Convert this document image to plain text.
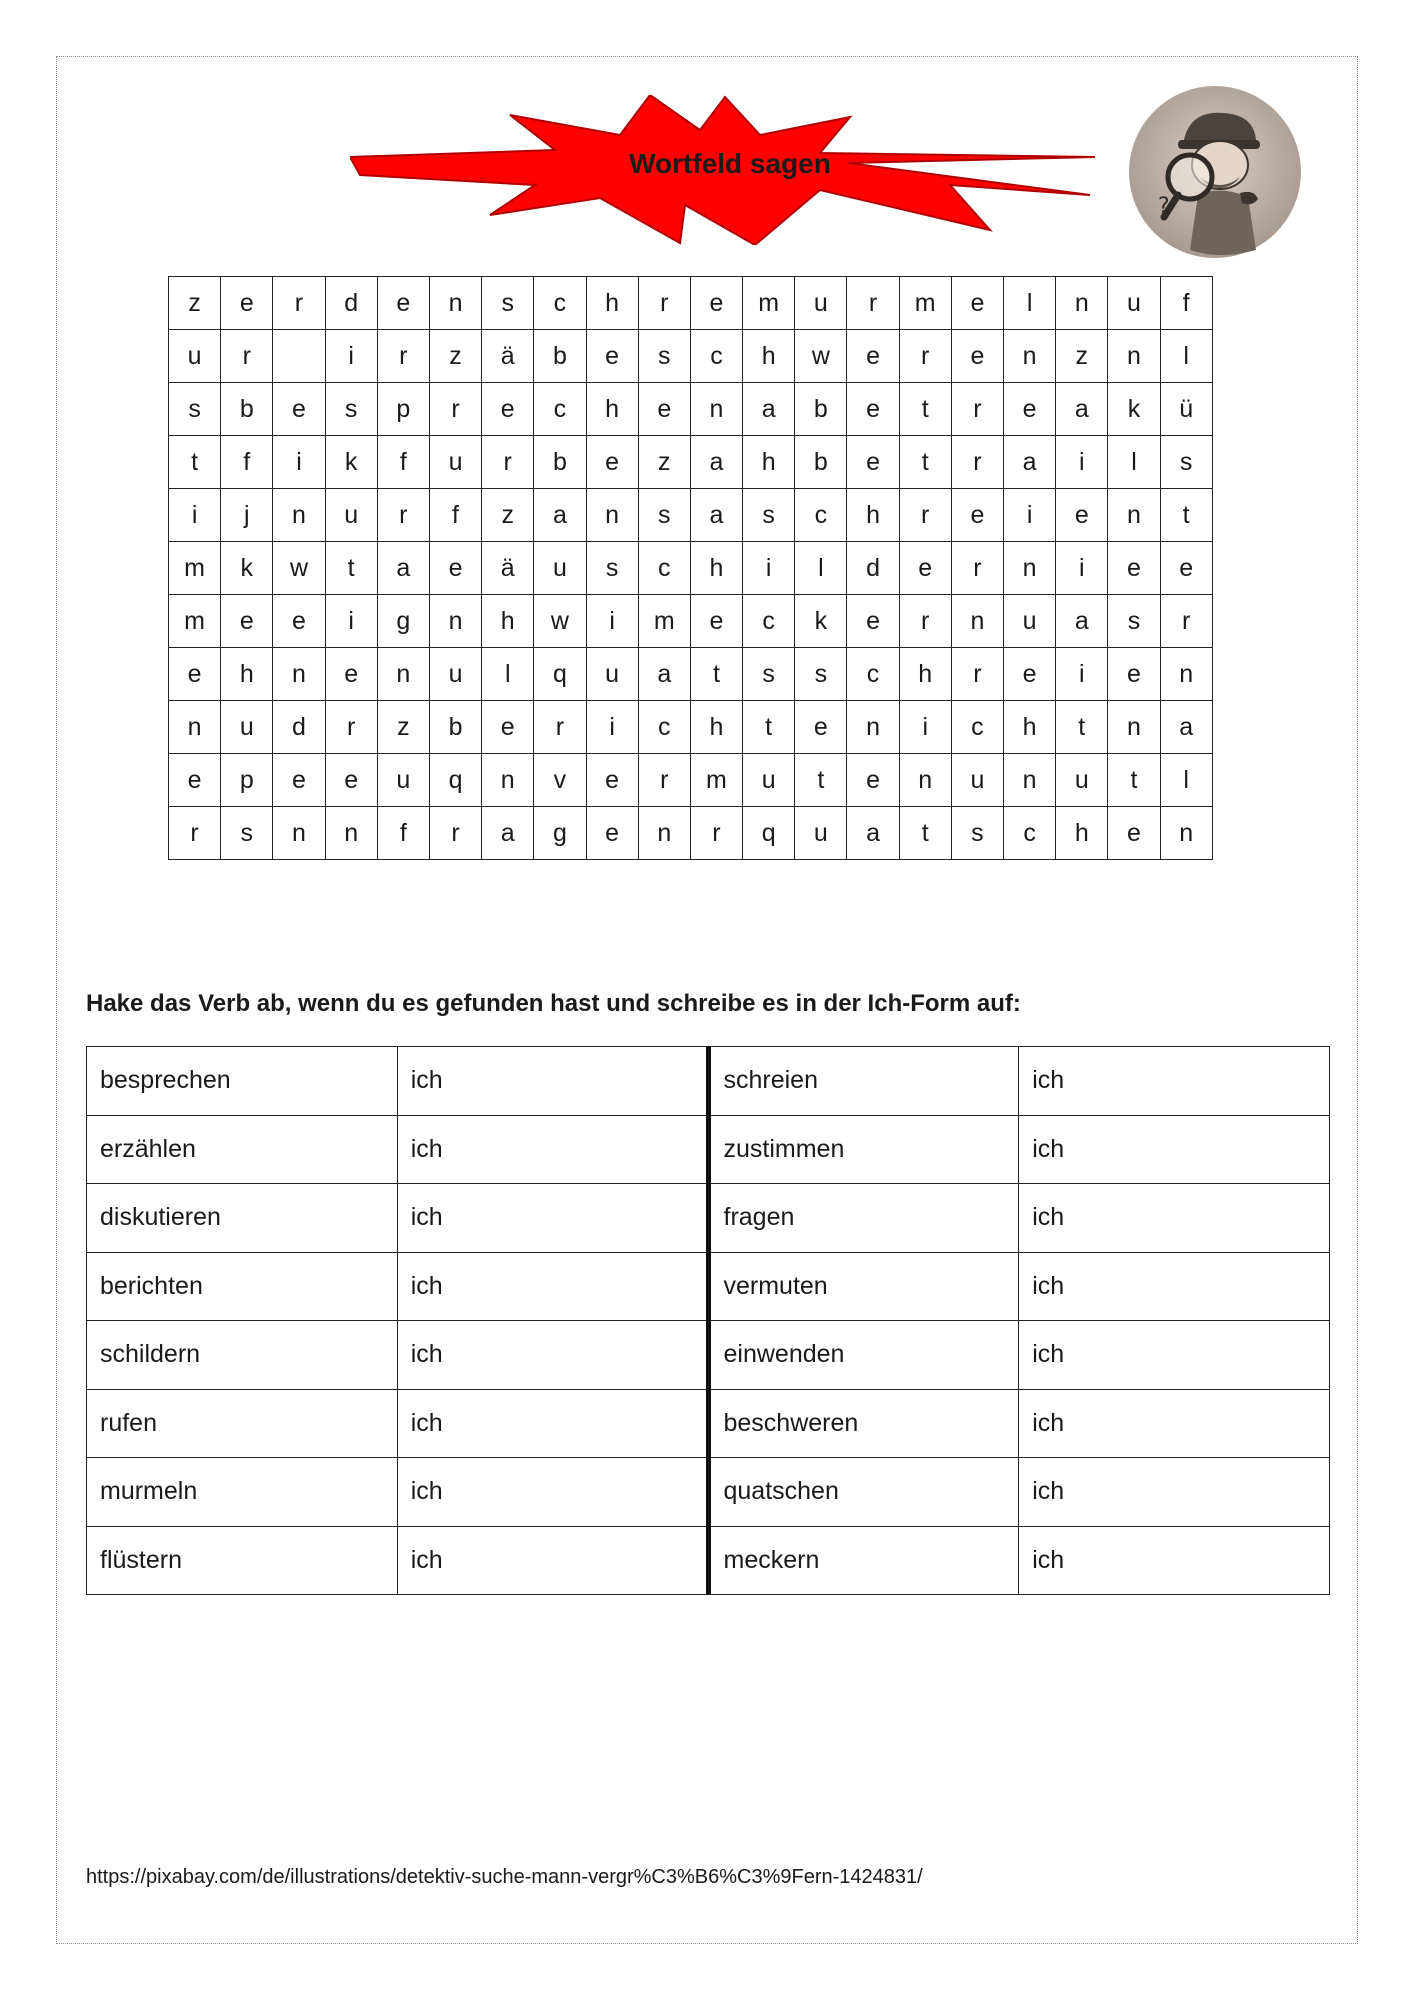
Wortfeld sagen
?
z	e	r	d	e	n	s	c	h	r	e	m	u	r	m	e	l	n	u	f
u	r		i	r	z	ä	b	e	s	c	h	w	e	r	e	n	z	n	l
s	b	e	s	p	r	e	c	h	e	n	a	b	e	t	r	e	a	k	ü
t	f	i	k	f	u	r	b	e	z	a	h	b	e	t	r	a	i	l	s
i	j	n	u	r	f	z	a	n	s	a	s	c	h	r	e	i	e	n	t
m	k	w	t	a	e	ä	u	s	c	h	i	l	d	e	r	n	i	e	e
m	e	e	i	g	n	h	w	i	m	e	c	k	e	r	n	u	a	s	r
e	h	n	e	n	u	l	q	u	a	t	s	s	c	h	r	e	i	e	n
n	u	d	r	z	b	e	r	i	c	h	t	e	n	i	c	h	t	n	a
e	p	e	e	u	q	n	v	e	r	m	u	t	e	n	u	n	u	t	l
r	s	n	n	f	r	a	g	e	n	r	q	u	a	t	s	c	h	e	n
Hake das Verb ab, wenn du es gefunden hast und schreibe es in der Ich-Form auf:
besprechen	ich	schreien	ich
erzählen	ich	zustimmen	ich
diskutieren	ich	fragen	ich
berichten	ich	vermuten	ich
schildern	ich	einwenden	ich
rufen	ich	beschweren	ich
murmeln	ich	quatschen	ich
flüstern	ich	meckern	ich
https://pixabay.com/de/illustrations/detektiv-suche-mann-vergr%C3%B6%C3%9Fern-1424831/
